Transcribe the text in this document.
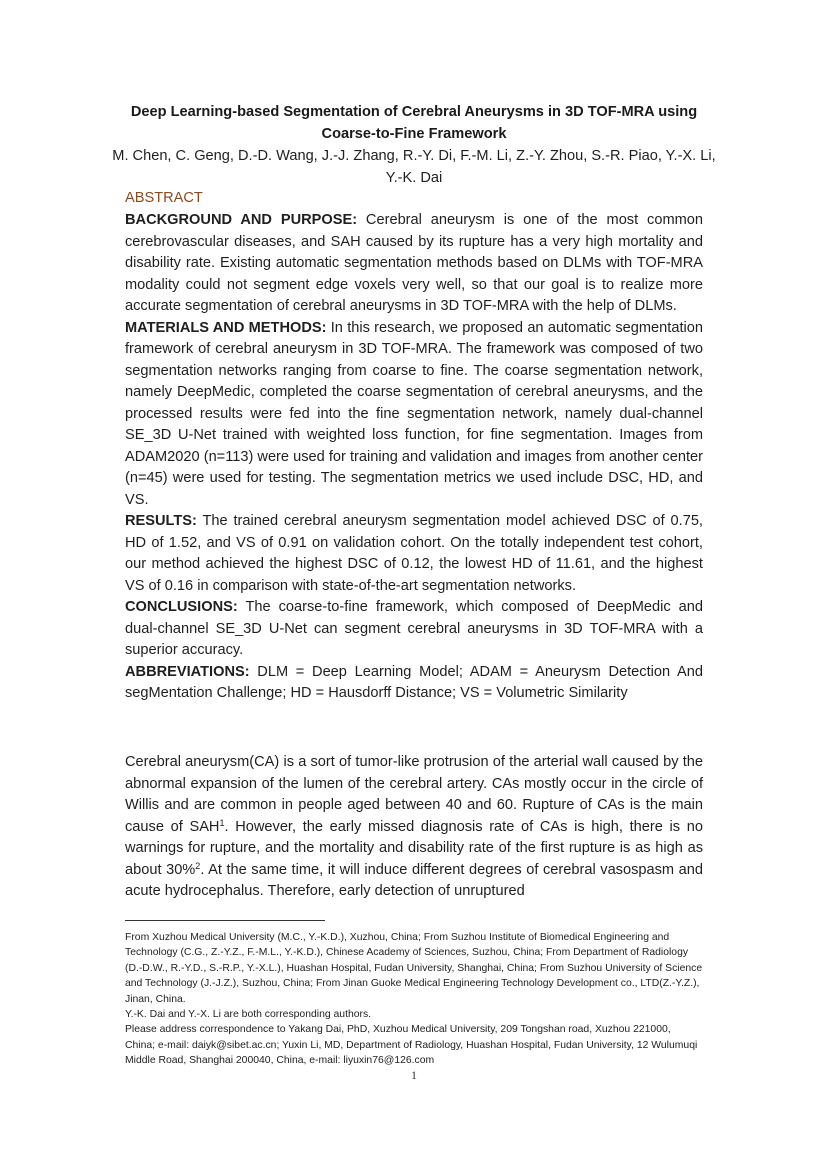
Deep Learning-based Segmentation of Cerebral Aneurysms in 3D TOF-MRA using Coarse-to-Fine Framework
M. Chen, C. Geng, D.-D. Wang, J.-J. Zhang, R.-Y. Di, F.-M. Li, Z.-Y. Zhou, S.-R. Piao, Y.-X. Li, Y.-K. Dai
ABSTRACT

BACKGROUND AND PURPOSE: Cerebral aneurysm is one of the most common cerebrovascular diseases, and SAH caused by its rupture has a very high mortality and disability rate. Existing automatic segmentation methods based on DLMs with TOF-MRA modality could not segment edge voxels very well, so that our goal is to realize more accurate segmentation of cerebral aneurysms in 3D TOF-MRA with the help of DLMs.

MATERIALS AND METHODS: In this research, we proposed an automatic segmentation framework of cerebral aneurysm in 3D TOF-MRA. The framework was composed of two segmentation networks ranging from coarse to fine. The coarse segmentation network, namely DeepMedic, completed the coarse segmentation of cerebral aneurysms, and the processed results were fed into the fine segmentation network, namely dual-channel SE_3D U-Net trained with weighted loss function, for fine segmentation. Images from ADAM2020 (n=113) were used for training and validation and images from another center (n=45) were used for testing. The segmentation metrics we used include DSC, HD, and VS.

RESULTS: The trained cerebral aneurysm segmentation model achieved DSC of 0.75, HD of 1.52, and VS of 0.91 on validation cohort. On the totally independent test cohort, our method achieved the highest DSC of 0.12, the lowest HD of 11.61, and the highest VS of 0.16 in comparison with state-of-the-art segmentation networks.

CONCLUSIONS: The coarse-to-fine framework, which composed of DeepMedic and dual-channel SE_3D U-Net can segment cerebral aneurysms in 3D TOF-MRA with a superior accuracy.

ABBREVIATIONS: DLM = Deep Learning Model; ADAM = Aneurysm Detection And segMentation Challenge; HD = Hausdorff Distance; VS = Volumetric Similarity

Cerebral aneurysm(CA) is a sort of tumor-like protrusion of the arterial wall caused by the abnormal expansion of the lumen of the cerebral artery. CAs mostly occur in the circle of Willis and are common in people aged between 40 and 60. Rupture of CAs is the main cause of SAH$^1$. However, the early missed diagnosis rate of CAs is high, there is no warnings for rupture, and the mortality and disability rate of the first rupture is as high as about 30%$^2$. At the same time, it will induce different degrees of cerebral vasospasm and acute hydrocephalus. Therefore, early detection of unruptured

From Xuzhou Medical University (M.C., Y.-K.D.), Xuzhou, China; From Suzhou Institute of Biomedical Engineering and Technology (C.G., Z.-Y.Z., F.-M.L., Y.-K.D.), Chinese Academy of Sciences, Suzhou, China; From Department of Radiology (D.-D.W., R.-Y.D., S.-R.P., Y.-X.L.), Huashan Hospital, Fudan University, Shanghai, China; From Suzhou University of Science and Technology (J.-J.Z.), Suzhou, China; From Jinan Guoke Medical Engineering Technology Development co., LTD(Z.-Y.Z.), Jinan, China.

Y.-K. Dai and Y.-X. Li are both corresponding authors.

Please address correspondence to Yakang Dai, PhD, Xuzhou Medical University, 209 Tongshan road, Xuzhou 221000, China; e-mail: daiyk@sibet.ac.cn; Yuxin Li, MD, Department of Radiology, Huashan Hospital, Fudan University, 12 Wulumuqi Middle Road, Shanghai 200040, China, e-mail: liyuxin76@126.com

1
